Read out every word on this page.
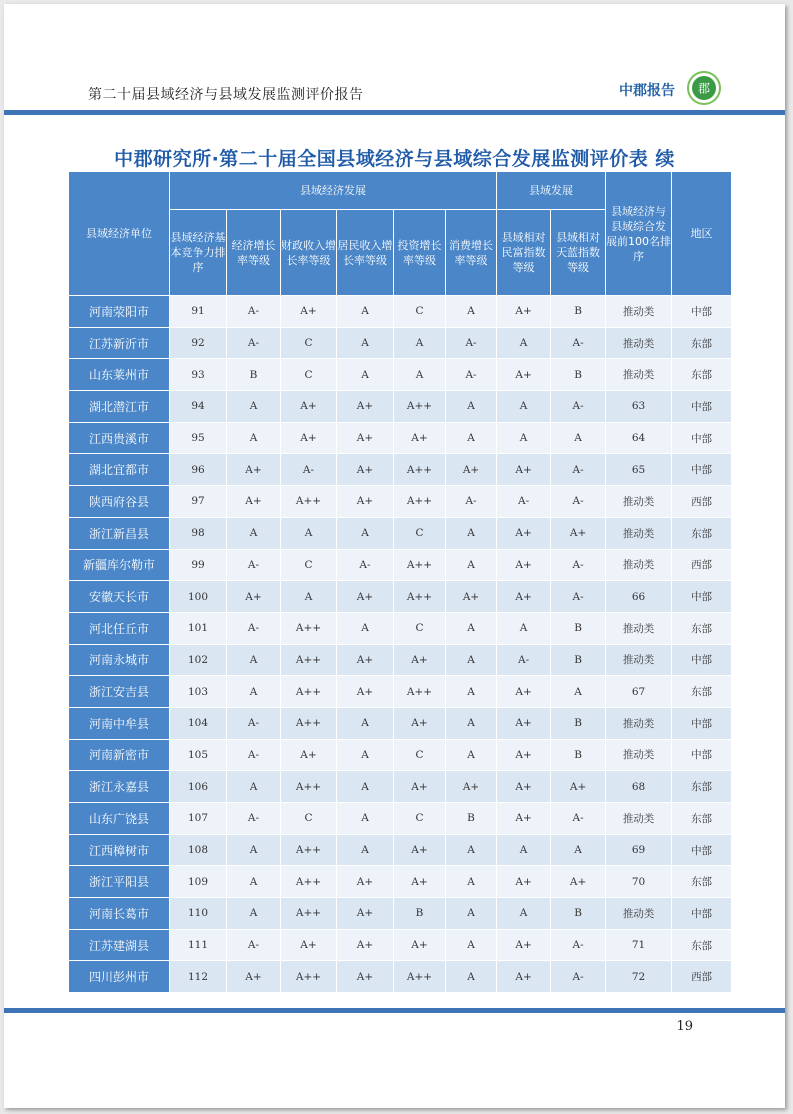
第二十届县域经济与县域发展监测评价报告	中郡报告 郡
中郡研究所·第二十届全国县域经济与县域综合发展监测评价表 续
县域经济单位	县域经济发展						县域发展		县域经济与县域综合发展前100名排序	地区
	县域经济基本竞争力排序	经济增长率等级	财政收入增长率等级	居民收入增长率等级	投资增长率等级	消费增长率等级	县域相对民富指数等级	县域相对天蓝指数等级		
河南荥阳市	91	A-	A+	A	C	A	A+	B	推动类	中部
江苏新沂市	92	A-	C	A	A	A-	A	A-	推动类	东部
山东莱州市	93	B	C	A	A	A-	A+	B	推动类	东部
湖北潜江市	94	A	A+	A+	A++	A	A	A-	63	中部
江西贵溪市	95	A	A+	A+	A+	A	A	A	64	中部
湖北宜都市	96	A+	A-	A+	A++	A+	A+	A-	65	中部
陕西府谷县	97	A+	A++	A+	A++	A-	A-	A-	推动类	西部
浙江新昌县	98	A	A	A	C	A	A+	A+	推动类	东部
新疆库尔勒市	99	A-	C	A-	A++	A	A+	A-	推动类	西部
安徽天长市	100	A+	A	A+	A++	A+	A+	A-	66	中部
河北任丘市	101	A-	A++	A	C	A	A	B	推动类	东部
河南永城市	102	A	A++	A+	A+	A	A-	B	推动类	中部
浙江安吉县	103	A	A++	A+	A++	A	A+	A	67	东部
河南中牟县	104	A-	A++	A	A+	A	A+	B	推动类	中部
河南新密市	105	A-	A+	A	C	A	A+	B	推动类	中部
浙江永嘉县	106	A	A++	A	A+	A+	A+	A+	68	东部
山东广饶县	107	A-	C	A	C	B	A+	A-	推动类	东部
江西樟树市	108	A	A++	A	A+	A	A	A	69	中部
浙江平阳县	109	A	A++	A+	A+	A	A+	A+	70	东部
河南长葛市	110	A	A++	A+	B	A	A	B	推动类	中部
江苏建湖县	111	A-	A+	A+	A+	A	A+	A-	71	东部
四川彭州市	112	A+	A++	A+	A++	A	A+	A-	72	西部
19
